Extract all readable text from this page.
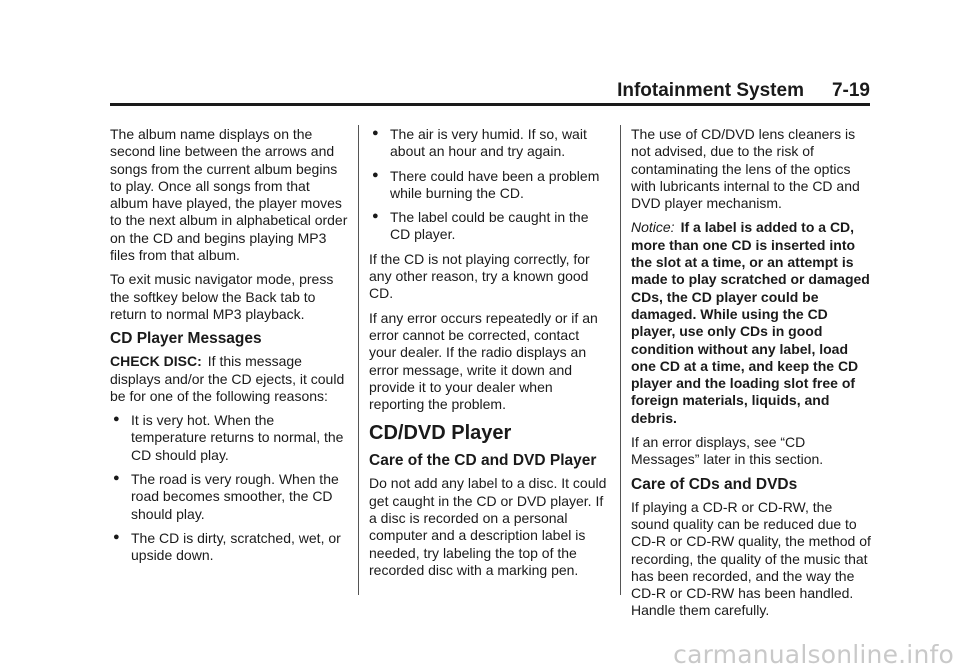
Infotainment System 7-19

The album name displays on the second line between the arrows and songs from the current album begins to play. Once all songs from that album have played, the player moves to the next album in alphabetical order on the CD and begins playing MP3 files from that album.

To exit music navigator mode, press the softkey below the Back tab to return to normal MP3 playback.

CD Player Messages

CHECK DISC: If this message displays and/or the CD ejects, it could be for one of the following reasons:

● It is very hot. When the temperature returns to normal, the CD should play.
● The road is very rough. When the road becomes smoother, the CD should play.
● The CD is dirty, scratched, wet, or upside down.
● The air is very humid. If so, wait about an hour and try again.
● There could have been a problem while burning the CD.
● The label could be caught in the CD player.

If the CD is not playing correctly, for any other reason, try a known good CD.

If any error occurs repeatedly or if an error cannot be corrected, contact your dealer. If the radio displays an error message, write it down and provide it to your dealer when reporting the problem.

CD/DVD Player
Care of the CD and DVD Player

Do not add any label to a disc. It could get caught in the CD or DVD player. If a disc is recorded on a personal computer and a description label is needed, try labeling the top of the recorded disc with a marking pen.

The use of CD/DVD lens cleaners is not advised, due to the risk of contaminating the lens of the optics with lubricants internal to the CD and DVD player mechanism.

Notice: If a label is added to a CD, more than one CD is inserted into the slot at a time, or an attempt is made to play scratched or damaged CDs, the CD player could be damaged. While using the CD player, use only CDs in good condition without any label, load one CD at a time, and keep the CD player and the loading slot free of foreign materials, liquids, and debris.

If an error displays, see “CD Messages” later in this section.

Care of CDs and DVDs

If playing a CD-R or CD-RW, the sound quality can be reduced due to CD-R or CD-RW quality, the method of recording, the quality of the music that has been recorded, and the way the CD-R or CD-RW has been handled. Handle them carefully.

carmanualsonline.info
